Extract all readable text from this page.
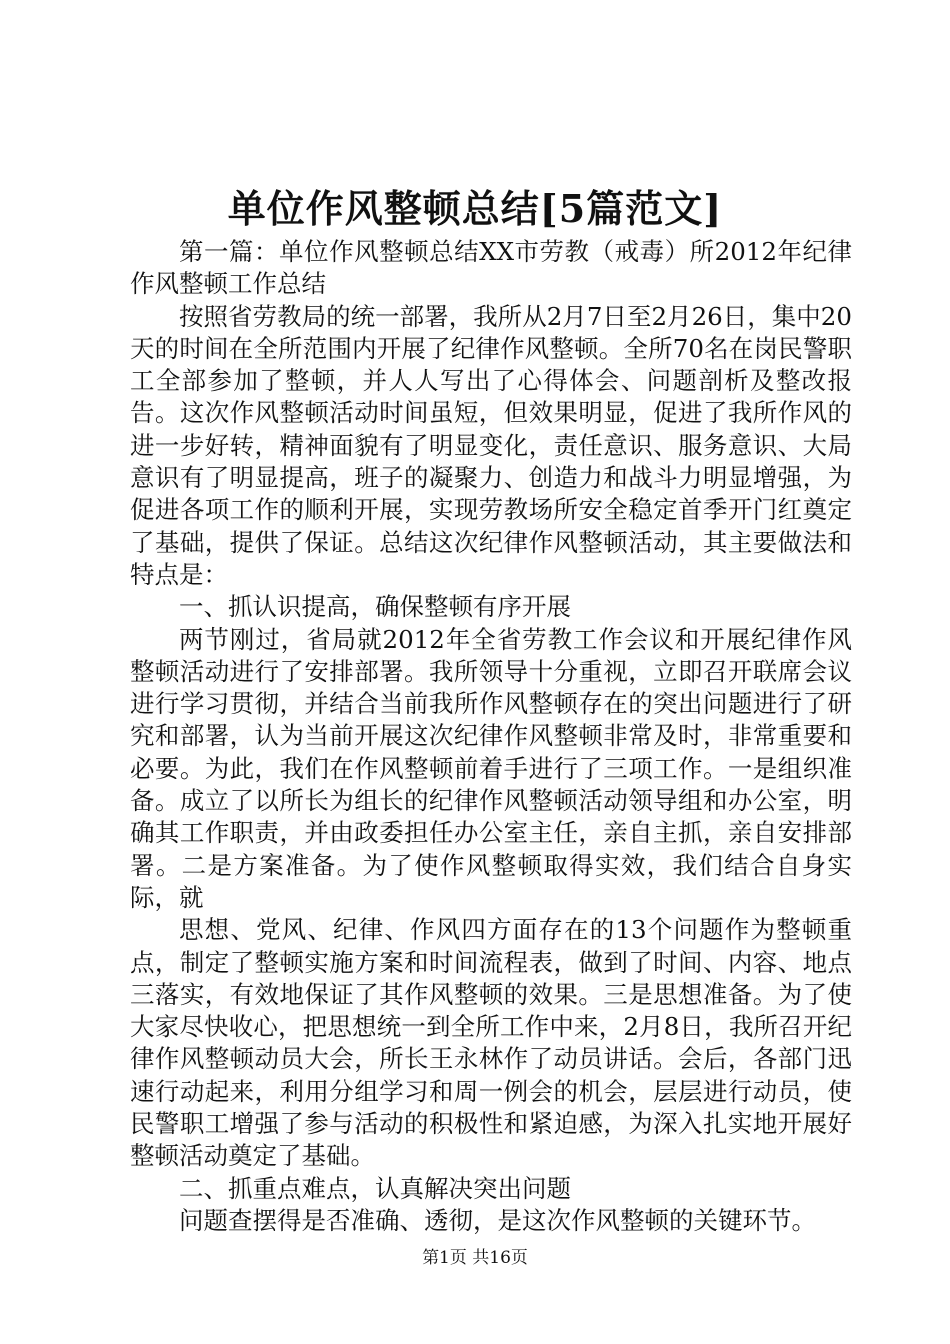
单位作风整顿总结[5篇范文]

第一篇：单位作风整顿总结XX市劳教（戒毒）所2012年纪律作风整顿工作总结

按照省劳教局的统一部署，我所从2月7日至2月26日，集中20天的时间在全所范围内开展了纪律作风整顿。全所70名在岗民警职工全部参加了整顿，并人人写出了心得体会、问题剖析及整改报告。这次作风整顿活动时间虽短，但效果明显，促进了我所作风的进一步好转，精神面貌有了明显变化，责任意识、服务意识、大局意识有了明显提高，班子的凝聚力、创造力和战斗力明显增强，为促进各项工作的顺利开展，实现劳教场所安全稳定首季开门红奠定了基础，提供了保证。总结这次纪律作风整顿活动，其主要做法和特点是：

一、抓认识提高，确保整顿有序开展

两节刚过，省局就2012年全省劳教工作会议和开展纪律作风整顿活动进行了安排部署。我所领导十分重视，立即召开联席会议进行学习贯彻，并结合当前我所作风整顿存在的突出问题进行了研究和部署，认为当前开展这次纪律作风整顿非常及时，非常重要和必要。为此，我们在作风整顿前着手进行了三项工作。一是组织准备。成立了以所长为组长的纪律作风整顿活动领导组和办公室，明确其工作职责，并由政委担任办公室主任，亲自主抓，亲自安排部署。二是方案准备。为了使作风整顿取得实效，我们结合自身实际，就

思想、党风、纪律、作风四方面存在的13个问题作为整顿重点，制定了整顿实施方案和时间流程表，做到了时间、内容、地点三落实，有效地保证了其作风整顿的效果。三是思想准备。为了使大家尽快收心，把思想统一到全所工作中来，2月8日，我所召开纪律作风整顿动员大会，所长王永林作了动员讲话。会后，各部门迅速行动起来，利用分组学习和周一例会的机会，层层进行动员，使民警职工增强了参与活动的积极性和紧迫感，为深入扎实地开展好整顿活动奠定了基础。

二、抓重点难点，认真解决突出问题

问题查摆得是否准确、透彻，是这次作风整顿的关键环节。

第1页 共16页
